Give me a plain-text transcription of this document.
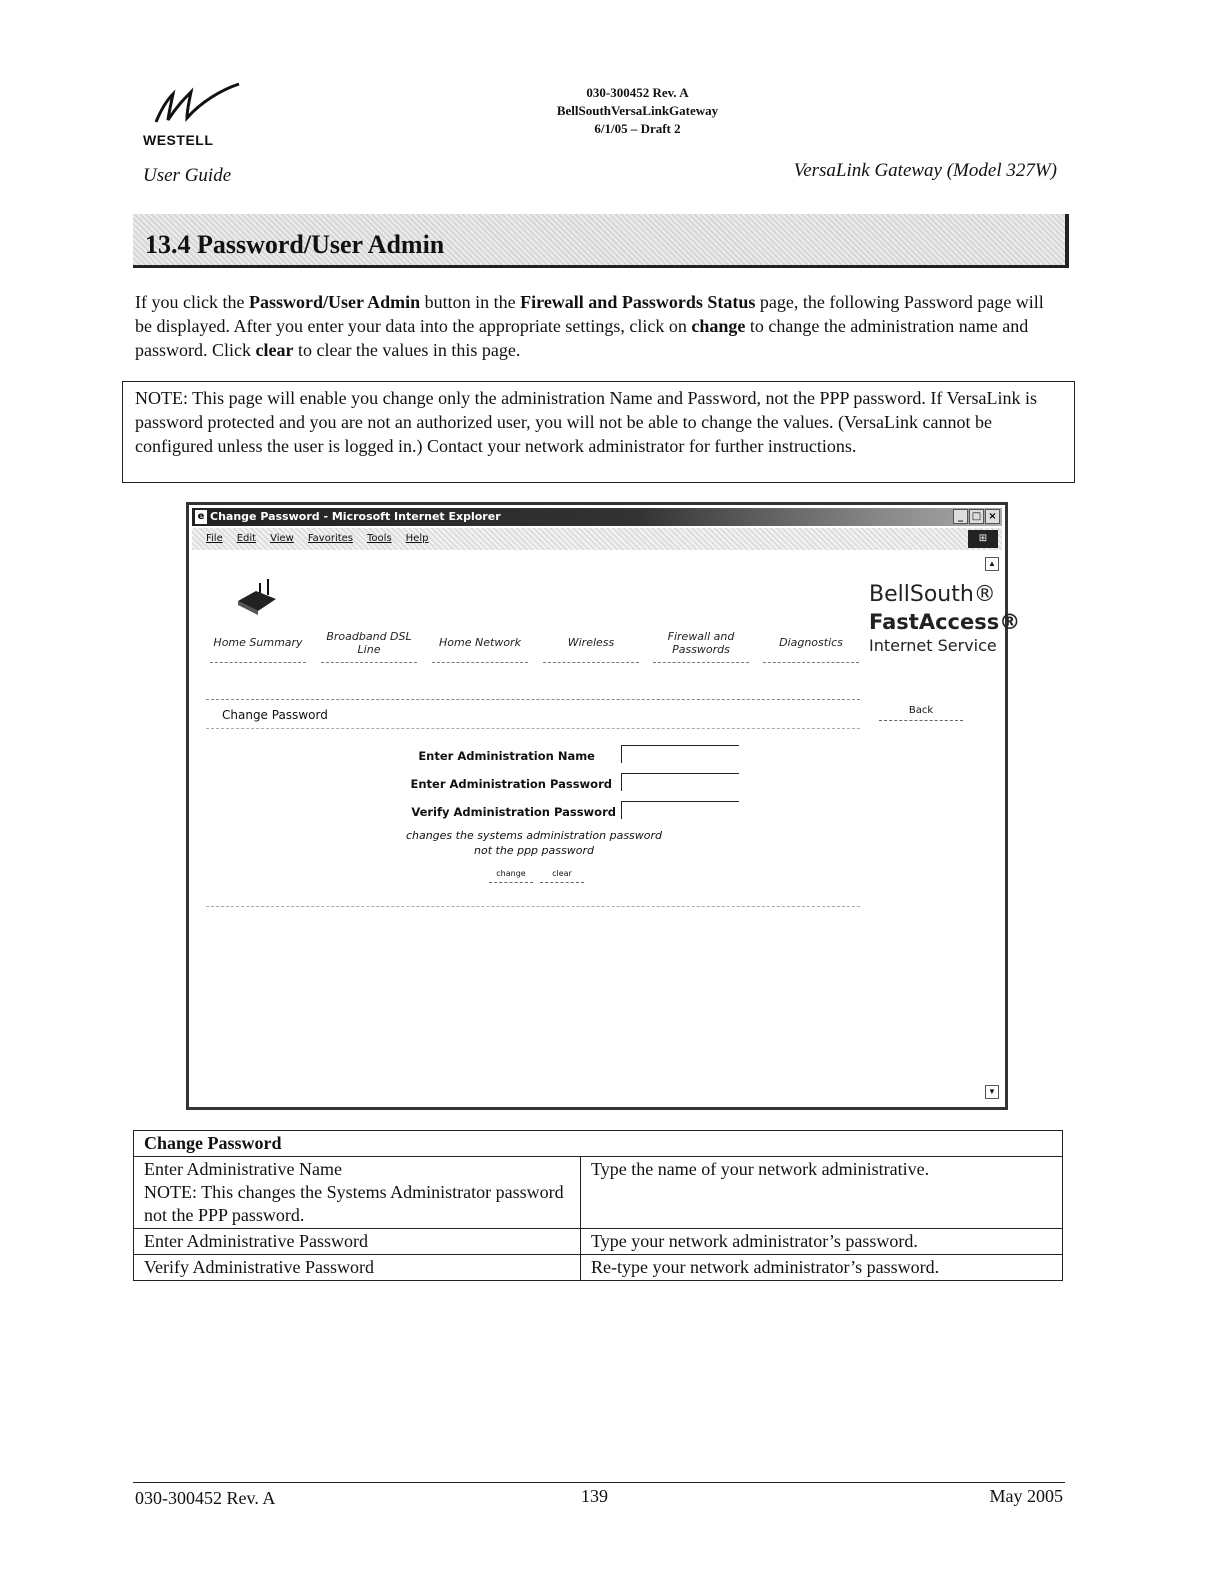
WESTELL
030-300452 Rev. A
BellSouthVersaLinkGateway
6/1/05 – Draft 2
User Guide	VersaLink Gateway (Model 327W)
13.4 Password/User Admin
If you click the Password/User Admin button in the Firewall and Passwords Status page, the following Password page will be displayed. After you enter your data into the appropriate settings, click on change to change the administration name and password. Click clear to clear the values in this page.
NOTE: This page will enable you change only the administration Name and Password, not the PPP password. If VersaLink is password protected and you are not an authorized user, you will not be able to change the values. (VersaLink cannot be configured unless the user is logged in.) Contact your network administrator for further instructions.
e Change Password - Microsoft Internet Explorer	_ □ ×
File Edit View Favorites Tools Help	⊞
▲
▼
BellSouth®
FastAccess®
Internet Service
Home Summary	Broadband DSL Line	Home Network	Wireless	Firewall and Passwords	Diagnostics
Change Password	Back
Enter Administration Name
Enter Administration Password
Verify Administration Password
changes the systems administration password
not the ppp password
change	clear
Change Password	

Enter Administrative Name
NOTE: This changes the Systems Administrator password not the PPP password.	Type the name of your network administrative.
Enter Administrative Password	Type your network administrator’s password.
Verify Administrative Password	Re-type your network administrator’s password.
030-300452 Rev. A	139	May 2005
